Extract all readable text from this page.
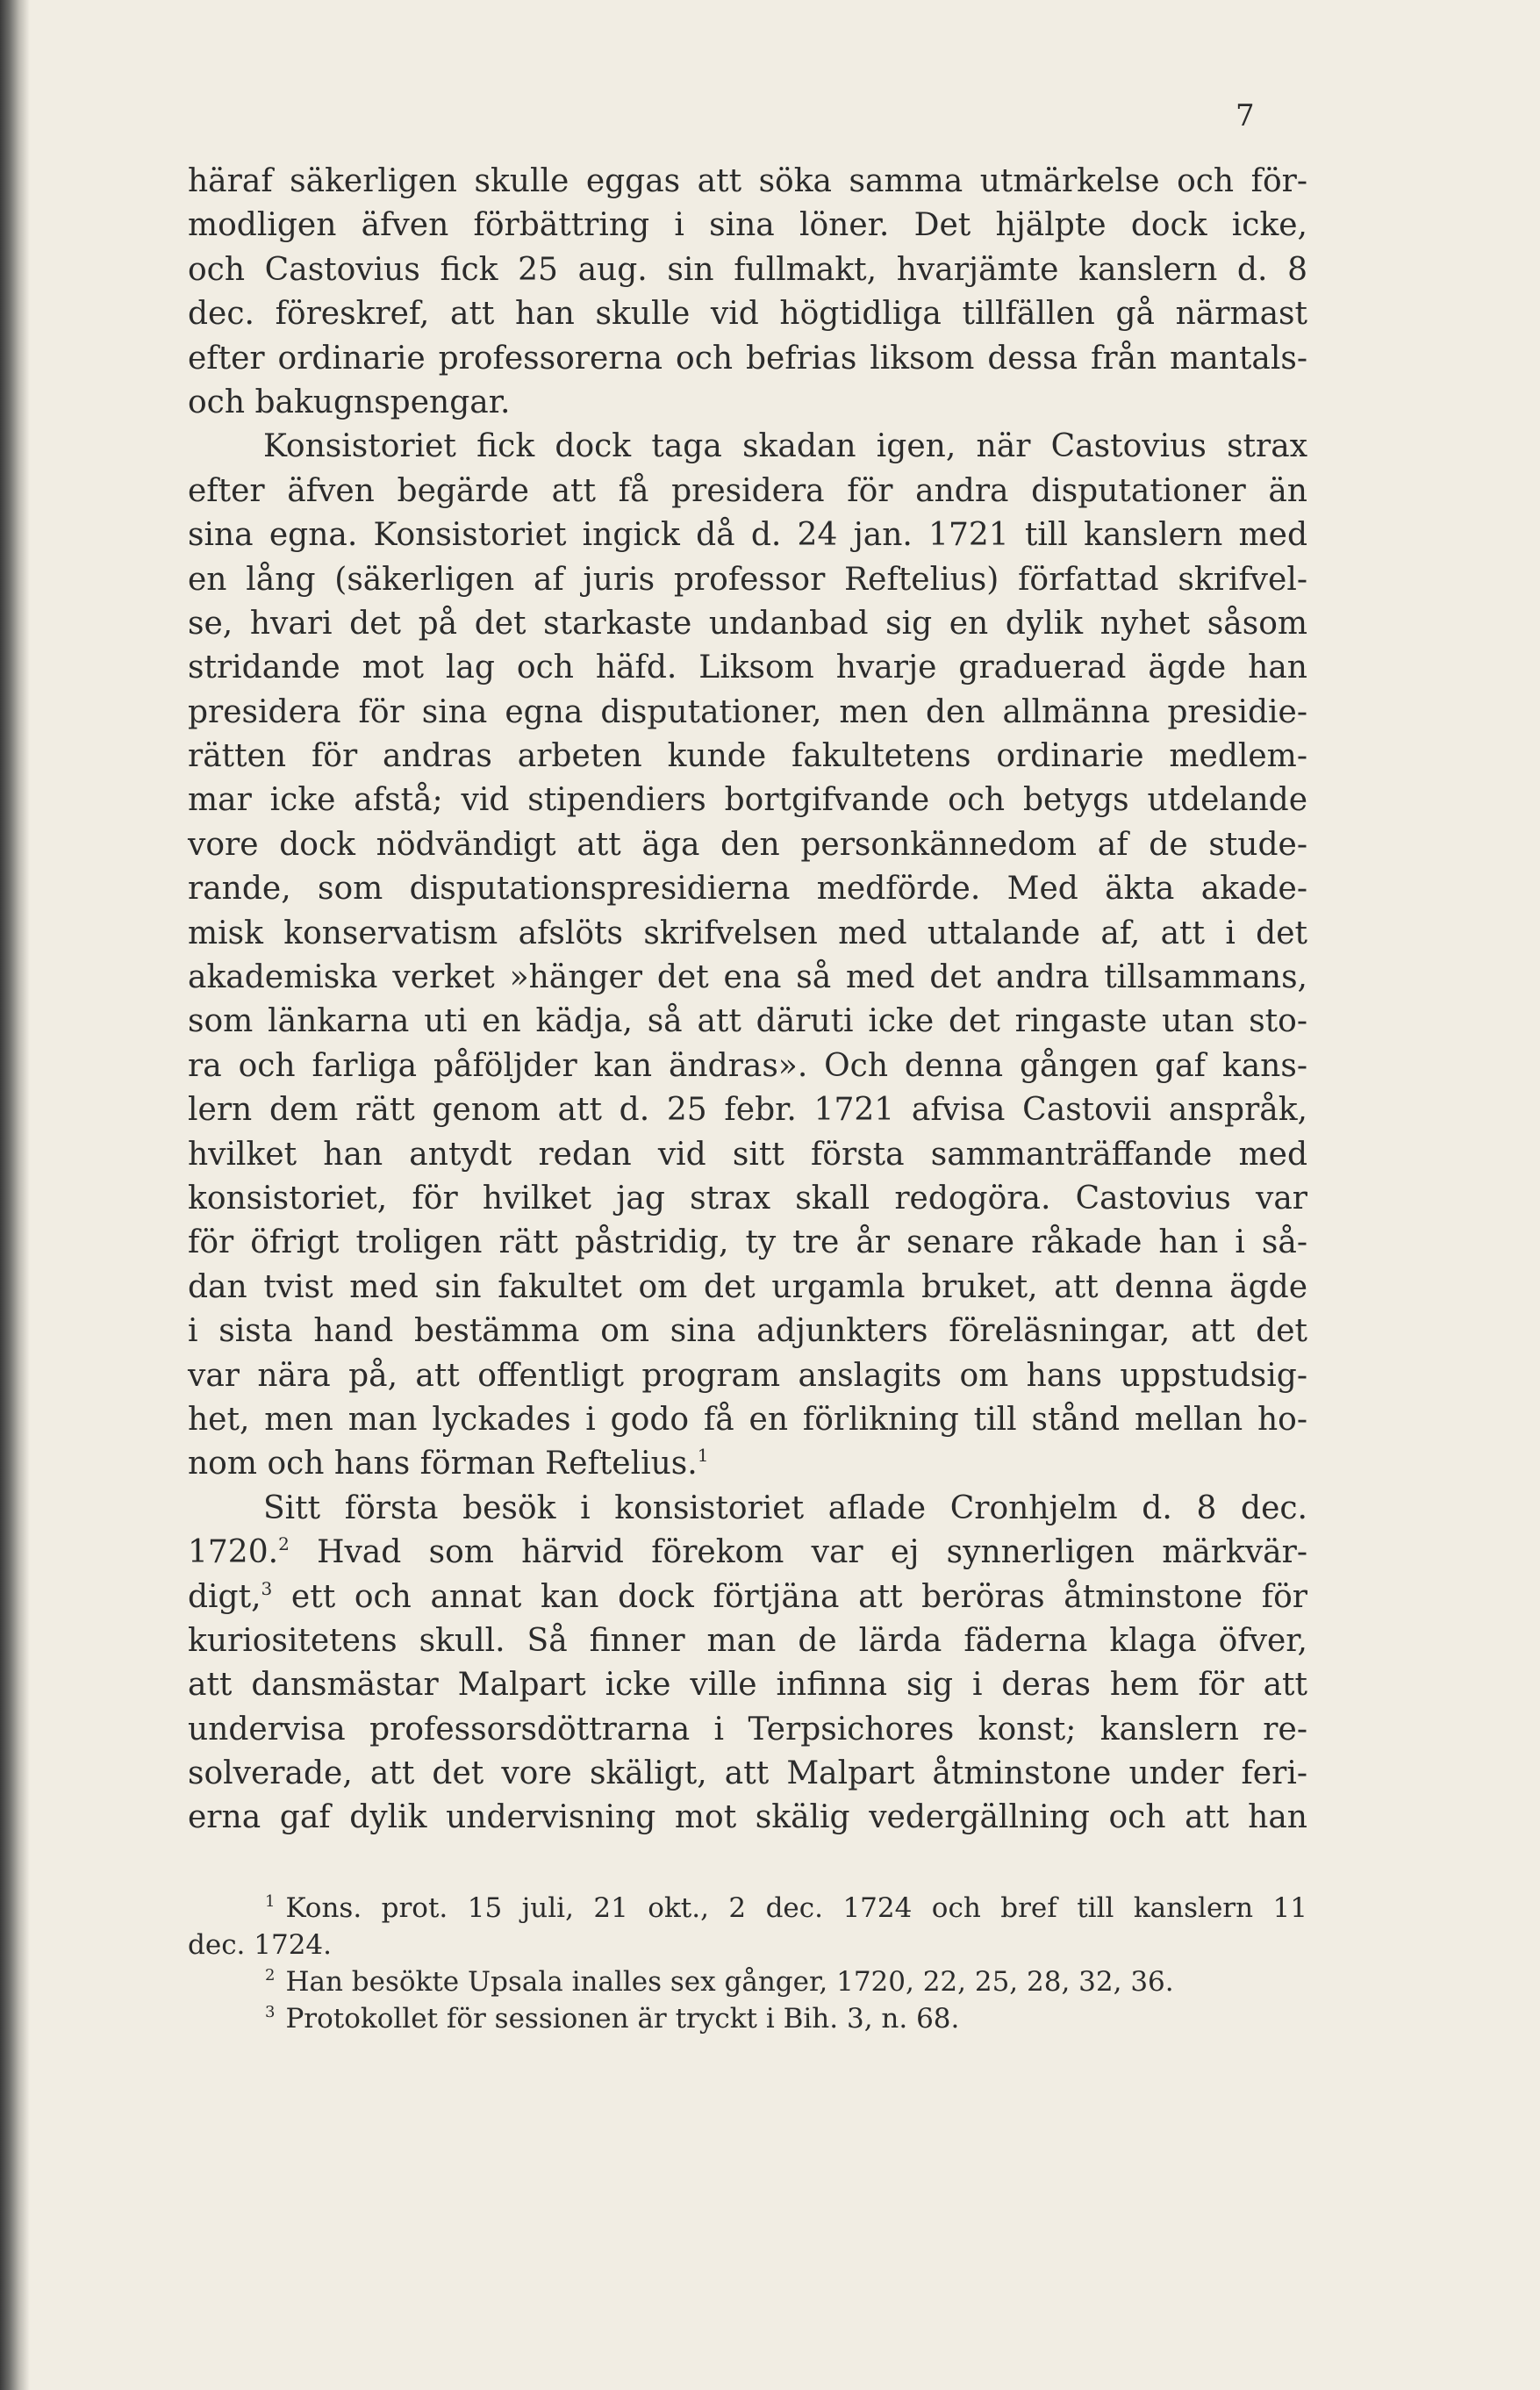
7
häraf säkerligen skulle eggas att söka samma utmärkelse och för-
modligen äfven förbättring i sina löner. Det hjälpte dock icke,
och Castovius fick 25 aug. sin fullmakt, hvarjämte kanslern d. 8
dec. föreskref, att han skulle vid högtidliga tillfällen gå närmast
efter ordinarie professorerna och befrias liksom dessa från mantals-
och bakugnspengar.
Konsistoriet fick dock taga skadan igen, när Castovius strax
efter äfven begärde att få presidera för andra disputationer än
sina egna. Konsistoriet ingick då d. 24 jan. 1721 till kanslern med
en lång (säkerligen af juris professor Reftelius) författad skrifvel-
se, hvari det på det starkaste undanbad sig en dylik nyhet såsom
stridande mot lag och häfd. Liksom hvarje graduerad ägde han
presidera för sina egna disputationer, men den allmänna presidie-
rätten för andras arbeten kunde fakultetens ordinarie medlem-
mar icke afstå; vid stipendiers bortgifvande och betygs utdelande
vore dock nödvändigt att äga den personkännedom af de stude-
rande, som disputationspresidierna medförde. Med äkta akade-
misk konservatism afslöts skrifvelsen med uttalande af, att i det
akademiska verket »hänger det ena så med det andra tillsammans,
som länkarna uti en kädja, så att däruti icke det ringaste utan sto-
ra och farliga påföljder kan ändras». Och denna gången gaf kans-
lern dem rätt genom att d. 25 febr. 1721 afvisa Castovii anspråk,
hvilket han antydt redan vid sitt första sammanträffande med
konsistoriet, för hvilket jag strax skall redogöra. Castovius var
för öfrigt troligen rätt påstridig, ty tre år senare råkade han i så-
dan tvist med sin fakultet om det urgamla bruket, att denna ägde
i sista hand bestämma om sina adjunkters föreläsningar, att det
var nära på, att offentligt program anslagits om hans uppstudsig-
het, men man lyckades i godo få en förlikning till stånd mellan ho-
nom och hans förman Reftelius.$^1$
Sitt första besök i konsistoriet aflade Cronhjelm d. 8 dec.
1720.$^2$ Hvad som härvid förekom var ej synnerligen märkvär-
digt,$^3$ ett och annat kan dock förtjäna att beröras åtminstone för
kuriositetens skull. Så finner man de lärda fäderna klaga öfver,
att dansmästar Malpart icke ville infinna sig i deras hem för att
undervisa professorsdöttrarna i Terpsichores konst; kanslern re-
solverade, att det vore skäligt, att Malpart åtminstone under feri-
erna gaf dylik undervisning mot skälig vedergällning och att han
$^1$ Kons. prot. 15 juli, 21 okt., 2 dec. 1724 och bref till kanslern 11
dec. 1724.
$^2$ Han besökte Upsala inalles sex gånger, 1720, 22, 25, 28, 32, 36.
$^3$ Protokollet för sessionen är tryckt i Bih. 3, n. 68.
